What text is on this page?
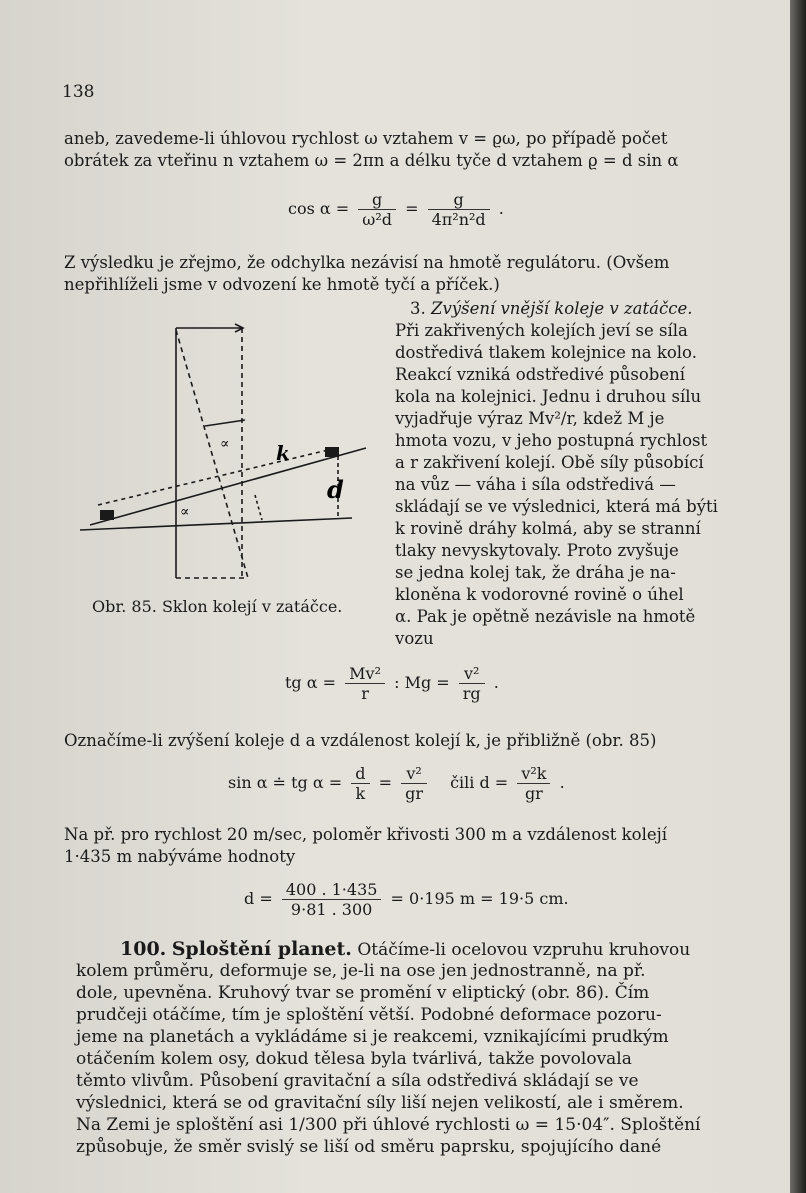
138
aneb, zavedeme-li úhlovou rychlost ω vztahem v = ϱω, po případě počet
obrátek za vteřinu n vztahem ω = 2πn a délku tyče d vztahem ϱ = d sin α
$\cos \alpha = \frac{g}{\text{ω²d}} = \frac{g}{\text{4π²n²d}}$ .
Z výsledku je zřejmo, že odchylka nezávisí na hmotě regulátoru. (Ovšem
nepřihlíželi jsme v odvození ke hmotě tyčí a příček.)
3. Zvýšení vnější koleje v zatáčce.
Při zakřivených kolejích jeví se síla
dostředivá tlakem kolejnice na kolo.
Reakcí vzniká odstředivé působení
kola na kolejnici. Jednu i druhou sílu
vyjadřuje výraz Mv²/r, kdež M je
hmota vozu, v jeho postupná rychlost
a r zakřivení kolejí. Obě síly působící
na vůz — váha i síla odstředivá —
skládají se ve výslednici, která má býti
k rovině dráhy kolmá, aby se stranní
tlaky nevyskytovaly. Proto zvyšuje
se jedna kolej tak, že dráha je na-
kloněna k vodorovné rovině o úhel
α. Pak je opětně nezávisle na hmotě
vozu
∝
∝
k
d
Obr. 85. Sklon kolejí v zatáčce.
tg $\alpha = \frac{\text{Mv²}}{r}$ : $Mg = \frac{\text{v²}}{rg}$ .
Označíme-li zvýšení koleje d a vzdálenost kolejí k, je přibližně (obr. 85)
sin α ≐ tg $\alpha = \frac{d}{k} = \frac{\text{v²}}{gr}$ čili $d = \frac{\text{v²k}}{gr}$ .
Na př. pro rychlost 20 m/sec, poloměr křivosti 300 m a vzdálenost kolejí
1·435 m nabýváme hodnoty
$d = \frac{400 . 1\cdot 435}{9\cdot 81 . 300} = 0\cdot 195$ m = 19·5 cm.
100. Sploštění planet. Otáčíme-li ocelovou vzpruhu kruhovou
kolem průměru, deformuje se, je-li na ose jen jednostranně, na př.
dole, upevněna. Kruhový tvar se promění v eliptický (obr. 86). Čím
prudčeji otáčíme, tím je sploštění větší. Podobné deformace pozoru-
jeme na planetách a vykládáme si je reakcemi, vznikajícími prudkým
otáčením kolem osy, dokud tělesa byla tvárlivá, takže povolovala
těmto vlivům. Působení gravitační a síla odstředivá skládají se ve
výslednici, která se od gravitační síly liší nejen velikostí, ale i směrem.
Na Zemi je sploštění asi 1/300 při úhlové rychlosti ω = 15·04″. Sploštění
způsobuje, že směr svislý se liší od směru paprsku, spojujícího dané
